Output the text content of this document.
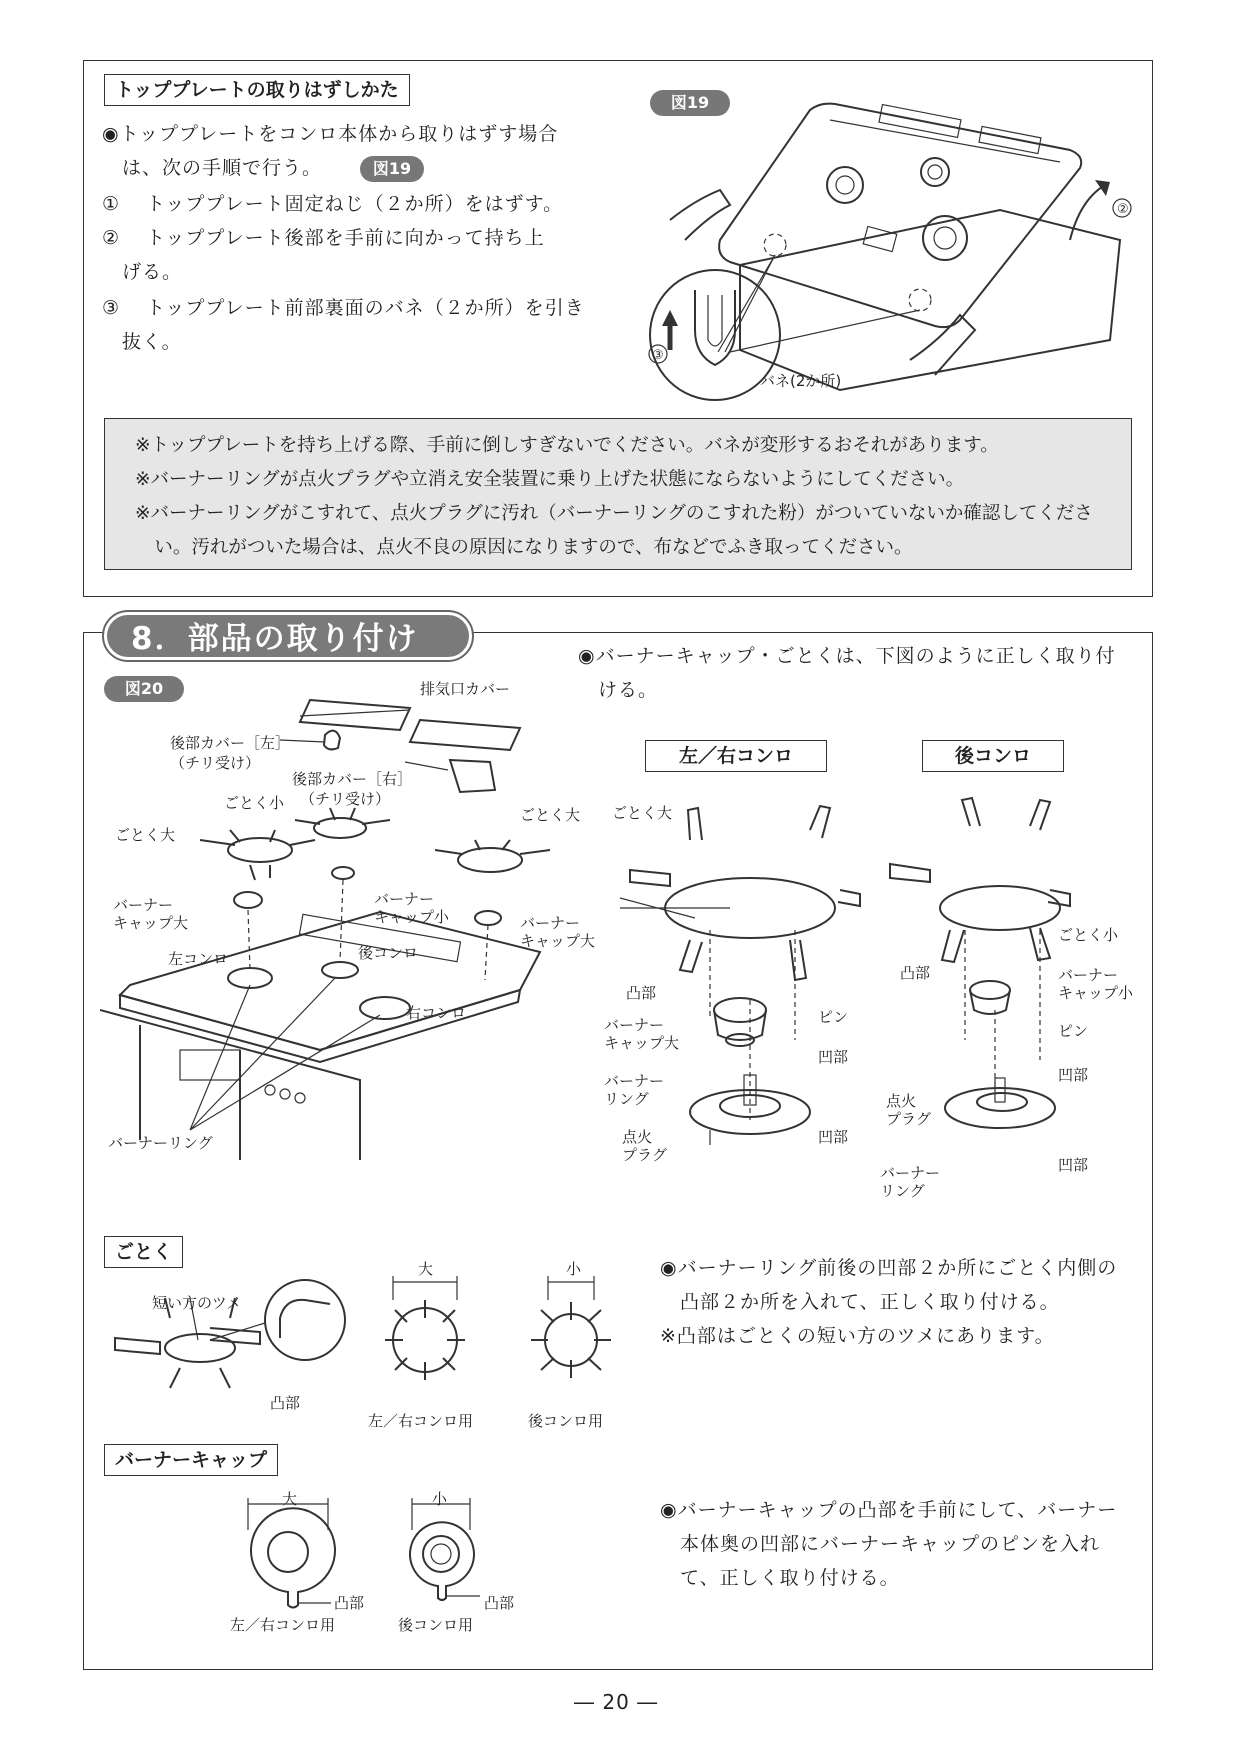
トッププレートの取りはずしかた
◉トッププレートをコンロ本体から取りはずす場合
は、次の手順で行う。	図19
① トッププレート固定ねじ（２か所）をはずす。
② トッププレート後部を手前に向かって持ち上
げる。
③ トッププレート前部裏面のバネ（２か所）を引き
抜く。
図19
②
③
バネ(2か所)

※トッププレートを持ち上げる際、手前に倒しすぎないでください。バネが変形するおそれがあります。

※バーナーリングが点火プラグや立消え安全装置に乗り上げた状態にならないようにしてください。

※バーナーリングがこすれて、点火プラグに汚れ（バーナーリングのこすれた粉）がついていないか確認してください。汚れがついた場合は、点火不良の原因になりますので、布などでふき取ってください。

8．部品の取り付け	◉バーナーキャップ・ごとくは、下図のように正しく取り付
ける。
図20	排気口カバー
後部カバー［左］
（チリ受け）
後部カバー［右］
（チリ受け）
ごとく小
ごとく大
ごとく大
バーナー
キャップ大
バーナー
キャップ小	バーナー
キャップ大
左コンロ	後コンロ
右コンロ
バーナーリング
左／右コンロ
ごとく大
凸部
バーナー
キャップ大
ピン
凹部
バーナー
リング
点火
プラグ
凹部
後コンロ
ごとく小
凸部	バーナー
キャップ小
ピン
凹部
点火
プラグ
バーナー
リング
凹部
ごとく
短い方のツメ
凸部
大	小
左／右コンロ用	後コンロ用
◉バーナーリング前後の凹部２か所にごとく内側の
凸部２か所を入れて、正しく取り付ける。
※凸部はごとくの短い方のツメにあります。
バーナーキャップ
大
凸部
小
凸部
左／右コンロ用	後コンロ用
◉バーナーキャップの凸部を手前にして、バーナー
本体奥の凹部にバーナーキャップのピンを入れ
て、正しく取り付ける。
― 20 ―
